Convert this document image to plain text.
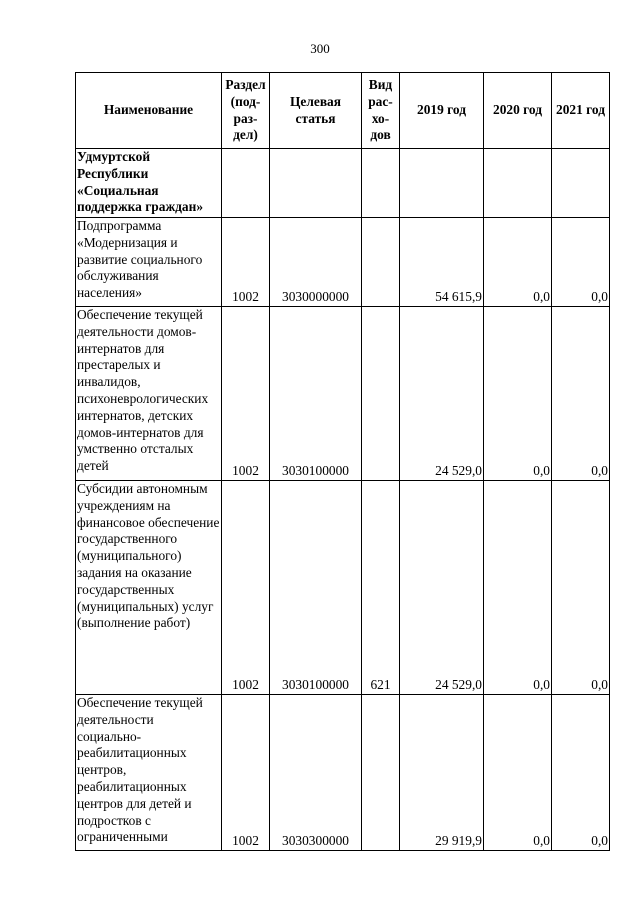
300
Наименование	Раздел (под-раз-дел)	Целевая статья	Вид рас-хо-дов	2019 год	2020 год	2021 год
Удмуртской Республики «Социальная поддержка граждан»						
Подпрограмма «Модернизация и развитие социального обслуживания населения»	1002	3030000000		54 615,9	0,0	0,0
Обеспечение текущей деятельности домов-интернатов для престарелых и инвалидов, психоневрологических интернатов, детских домов-интернатов для умственно отсталых детей	1002	3030100000		24 529,0	0,0	0,0
Субсидии автономным учреждениям на финансовое обеспечение государственного (муниципального) задания на оказание государственных (муниципальных) услуг (выполнение работ)	1002	3030100000	621	24 529,0	0,0	0,0
Обеспечение текущей деятельности социально-реабилитационных центров, реабилитационных центров для детей и подростков с ограниченными	1002	3030300000		29 919,9	0,0	0,0
